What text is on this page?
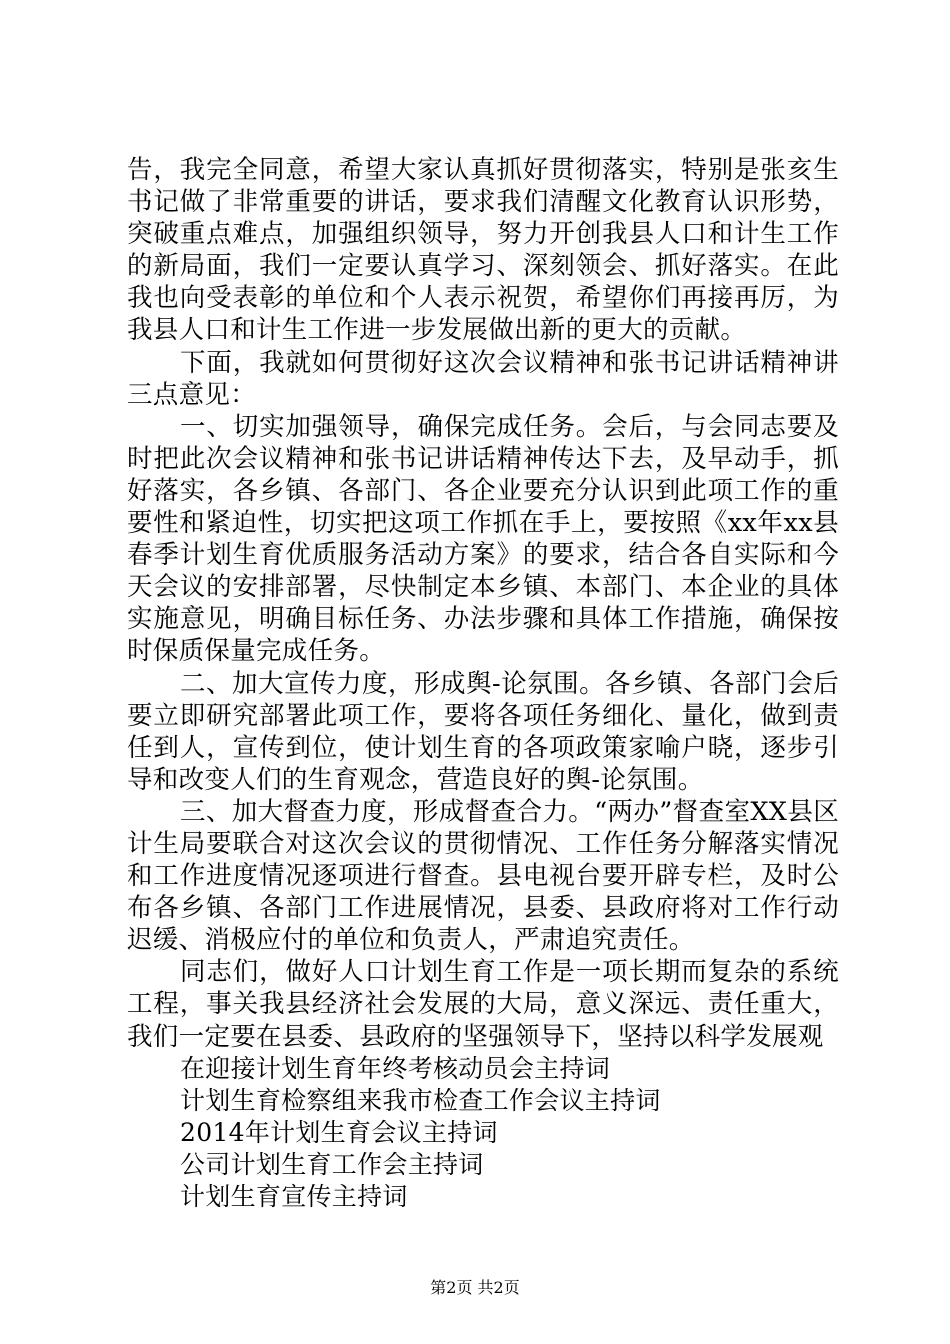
告，我完全同意，希望大家认真抓好贯彻落实，特别是张亥生书记做了非常重要的讲话，要求我们清醒文化教育认识形势，突破重点难点，加强组织领导，努力开创我县人口和计生工作的新局面，我们一定要认真学习、深刻领会、抓好落实。在此我也向受表彰的单位和个人表示祝贺，希望你们再接再厉，为我县人口和计生工作进一步发展做出新的更大的贡献。

下面，我就如何贯彻好这次会议精神和张书记讲话精神讲三点意见：

一、切实加强领导，确保完成任务。会后，与会同志要及时把此次会议精神和张书记讲话精神传达下去，及早动手，抓好落实，各乡镇、各部门、各企业要充分认识到此项工作的重要性和紧迫性，切实把这项工作抓在手上，要按照《xx年xx县春季计划生育优质服务活动方案》的要求，结合各自实际和今天会议的安排部署，尽快制定本乡镇、本部门、本企业的具体实施意见，明确目标任务、办法步骤和具体工作措施，确保按时保质保量完成任务。

二、加大宣传力度，形成舆-论氛围。各乡镇、各部门会后要立即研究部署此项工作，要将各项任务细化、量化，做到责任到人，宣传到位，使计划生育的各项政策家喻户晓，逐步引导和改变人们的生育观念，营造良好的舆-论氛围。

三、加大督查力度，形成督查合力。“两办”督查室XX县区计生局要联合对这次会议的贯彻情况、工作任务分解落实情况和工作进度情况逐项进行督查。县电视台要开辟专栏，及时公布各乡镇、各部门工作进展情况，县委、县政府将对工作行动迟缓、消极应付的单位和负责人，严肃追究责任。

同志们，做好人口计划生育工作是一项长期而复杂的系统工程，事关我县经济社会发展的大局，意义深远、责任重大，我们一定要在县委、县政府的坚强领导下，坚持以科学发展观

在迎接计划生育年终考核动员会主持词
计划生育检察组来我市检查工作会议主持词
2014年计划生育会议主持词
公司计划生育工作会主持词
计划生育宣传主持词
第2页 共2页
